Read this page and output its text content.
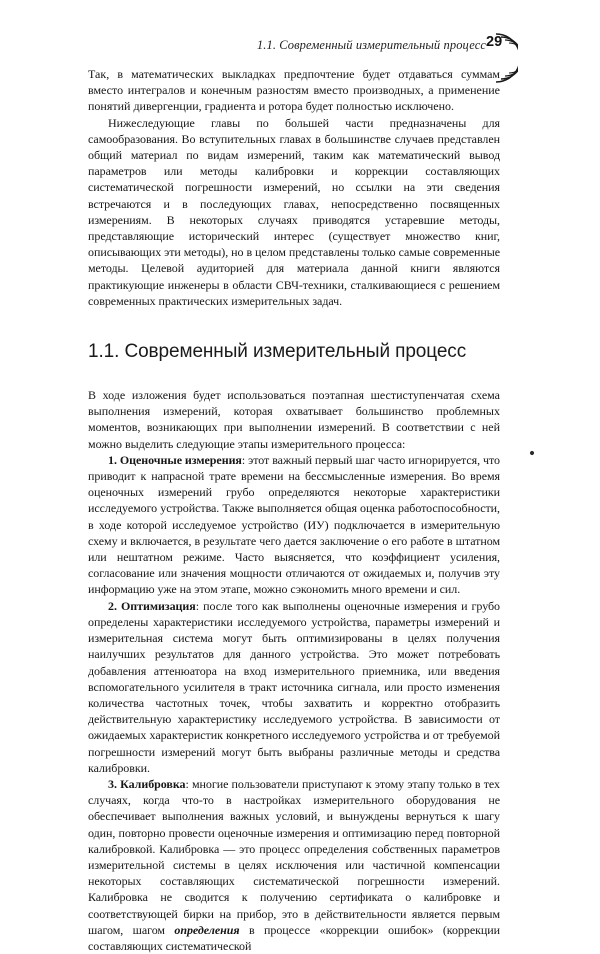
1.1. Современный измерительный процесс 29

Так, в математических выкладках предпочтение будет отдаваться суммам вместо интегралов и конечным разностям вместо производных, а применение понятий дивергенции, градиента и ротора будет полностью исключено.

Нижеследующие главы по большей части предназначены для самообразования. Во вступительных главах в большинстве случаев представлен общий материал по видам измерений, таким как математический вывод параметров или методы калибровки и коррекции составляющих систематической погрешности измерений, но ссылки на эти сведения встречаются и в последующих главах, непосредственно посвященных измерениям. В некоторых случаях приводятся устаревшие методы, представляющие исторический интерес (существует множество книг, описывающих эти методы), но в целом представлены только самые современные методы. Целевой аудиторией для материала данной книги являются практикующие инженеры в области СВЧ-техники, сталкивающиеся с решением современных практических измерительных задач.

1.1. Современный измерительный процесс

В ходе изложения будет использоваться поэтапная шестиступенчатая схема выполнения измерений, которая охватывает большинство проблемных моментов, возникающих при выполнении измерений. В соответствии с ней можно выделить следующие этапы измерительного процесса:

1. Оценочные измерения: этот важный первый шаг часто игнорируется, что приводит к напрасной трате времени на бессмысленные измерения. Во время оценочных измерений грубо определяются некоторые характеристики исследуемого устройства. Также выполняется общая оценка работоспособности, в ходе которой исследуемое устройство (ИУ) подключается в измерительную схему и включается, в результате чего дается заключение о его работе в штатном или нештатном режиме. Часто выясняется, что коэффициент усиления, согласование или значения мощности отличаются от ожидаемых и, получив эту информацию уже на этом этапе, можно сэкономить много времени и сил.

2. Оптимизация: после того как выполнены оценочные измерения и грубо определены характеристики исследуемого устройства, параметры измерений и измерительная система могут быть оптимизированы в целях получения наилучших результатов для данного устройства. Это может потребовать добавления аттенюатора на вход измерительного приемника, или введения вспомогательного усилителя в тракт источника сигнала, или просто изменения количества частотных точек, чтобы захватить и корректно отобразить действительную характеристику исследуемого устройства. В зависимости от ожидаемых характеристик конкретного исследуемого устройства и от требуемой погрешности измерений могут быть выбраны различные методы и средства калибровки.

3. Калибровка: многие пользователи приступают к этому этапу только в тех случаях, когда что-то в настройках измерительного оборудования не обеспечивает выполнения важных условий, и вынуждены вернуться к шагу один, повторно провести оценочные измерения и оптимизацию перед повторной калибровкой. Калибровка — это процесс определения собственных параметров измерительной системы в целях исключения или частичной компенсации некоторых составляющих систематической погрешности измерений. Калибровка не сводится к получению сертификата о калибровке и соответствующей бирки на прибор, это в действительности является первым шагом, шагом определения в процессе «коррекции ошибок» (коррекции составляющих систематической
